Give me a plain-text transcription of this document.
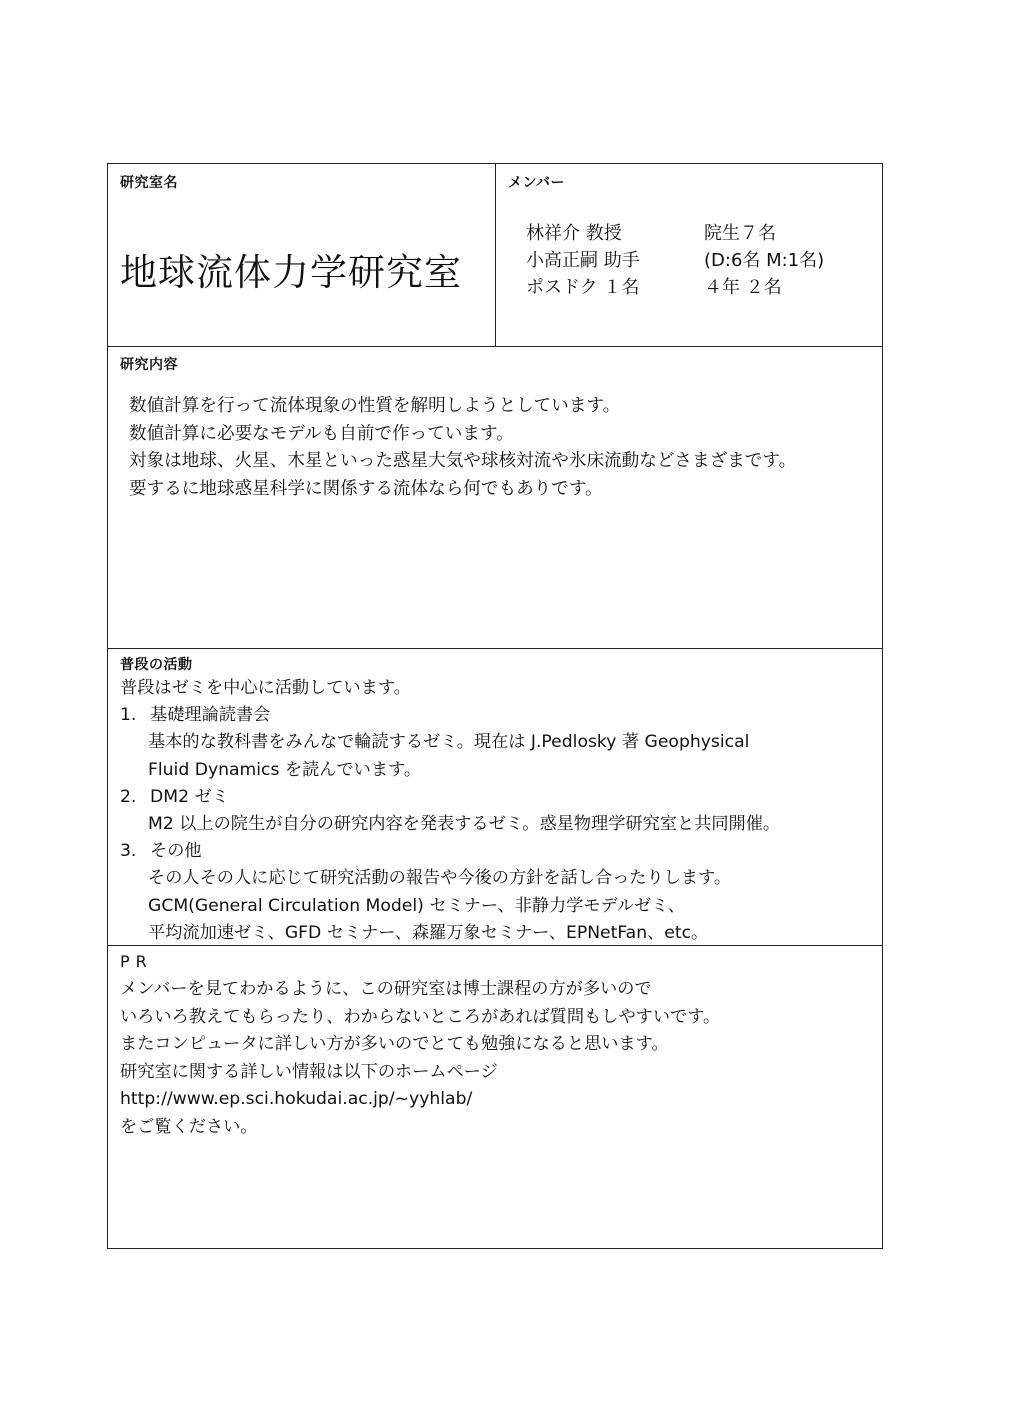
研究室名
地球流体力学研究室
メンバー
林祥介 教授	院生７名
小高正嗣 助手	(D:6名 M:1名)
ポスドク １名	４年 ２名
研究内容
数値計算を行って流体現象の性質を解明しようとしています。
数値計算に必要なモデルも自前で作っています。
対象は地球、火星、木星といった惑星大気や球核対流や氷床流動などさまざまです。
要するに地球惑星科学に関係する流体なら何でもありです。
普段の活動
普段はゼミを中心に活動しています。
1. 基礎理論読書会
基本的な教科書をみんなで輪読するゼミ。現在は J.Pedlosky 著 Geophysical
Fluid Dynamics を読んでいます。
2. DM2 ゼミ
M2 以上の院生が自分の研究内容を発表するゼミ。惑星物理学研究室と共同開催。
3. その他
その人その人に応じて研究活動の報告や今後の方針を話し合ったりします。
GCM(General Circulation Model) セミナー、非静力学モデルゼミ、
平均流加速ゼミ、GFD セミナー、森羅万象セミナー、EPNetFan、etc。
PR
メンバーを見てわかるように、この研究室は博士課程の方が多いので
いろいろ教えてもらったり、わからないところがあれば質問もしやすいです。
またコンピュータに詳しい方が多いのでとても勉強になると思います。
研究室に関する詳しい情報は以下のホームページ
http://www.ep.sci.hokudai.ac.jp/~yyhlab/
をご覧ください。
